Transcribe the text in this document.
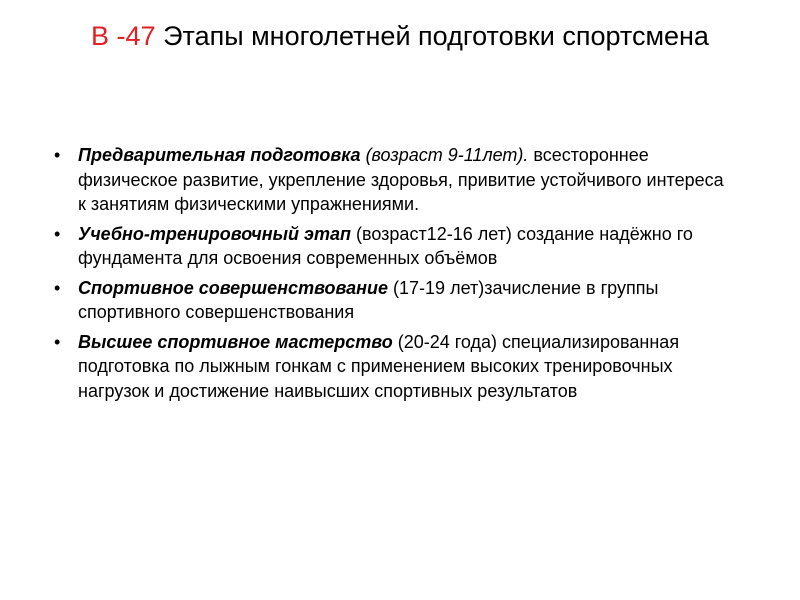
В -47 Этапы многолетней подготовки спортсмена
• Предварительная подготовка (возраст 9-11лет). всестороннее физическое развитие, укрепление здоровья, привитие устойчивого интереса к занятиям физическими упражнениями.
• Учебно-тренировочный этап (возраст12-16 лет) создание надёжно го фундамента для освоения современных объёмов
• Спортивное совершенствование (17-19 лет)зачисление в группы спортивного совершенствования
• Высшее спортивное мастерство (20-24 года) специализированная подготовка по лыжным гонкам с применением высоких тренировочных нагрузок и достижение наивысших спортивных результатов
